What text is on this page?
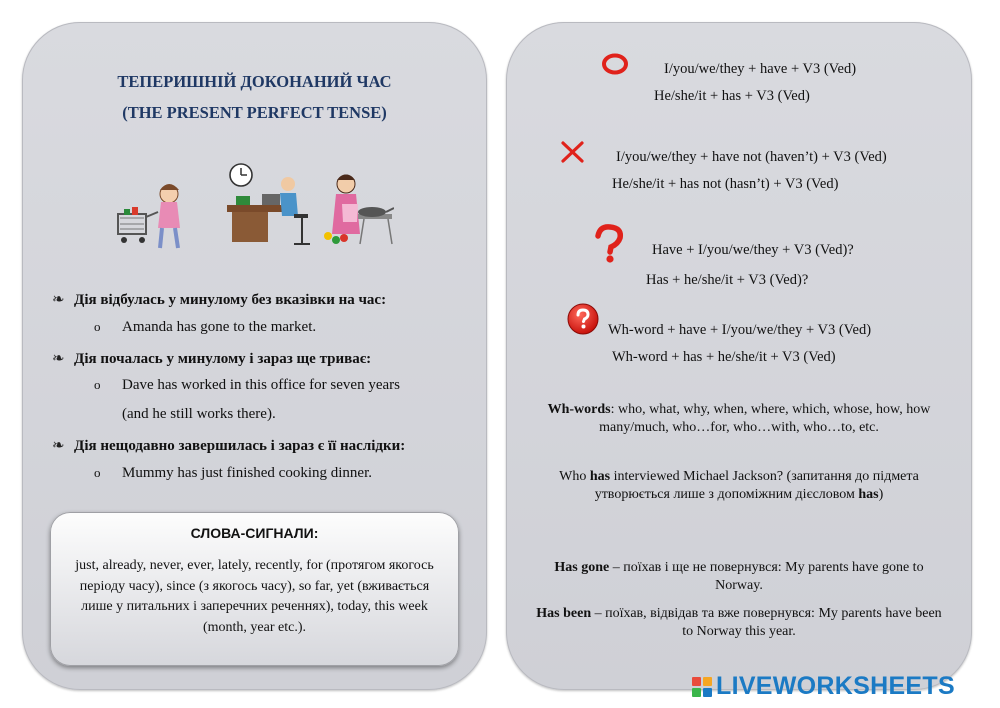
ТЕПЕРИШНІЙ ДОКОНАНИЙ ЧАС
(THE PRESENT PERFECT TENSE)
❧ Дія відбулась у минулому без вказівки на час:
o Amanda has gone to the market.
❧ Дія почалась у минулому і зараз ще триває:
o Dave has worked in this office for seven years
(and he still works there).
❧ Дія нещодавно завершилась і зараз є її наслідки:
o Mummy has just finished cooking dinner.
СЛОВА-СИГНАЛИ:
just, already, never, ever, lately, recently, for (протягом якогось періоду часу), since (з якогось часу), so far, yet (вживається лише у питальних і заперечних реченнях), today, this week (month, year etc.).
I/you/we/they + have + V3 (Ved)
He/she/it + has + V3 (Ved)
I/you/we/they + have not (haven’t) + V3 (Ved)
He/she/it + has not (hasn’t) + V3 (Ved)
Have + I/you/we/they + V3 (Ved)?
Has + he/she/it + V3 (Ved)?
Wh-word + have + I/you/we/they + V3 (Ved)
Wh-word + has + he/she/it + V3 (Ved)
Wh-words: who, what, why, when, where, which, whose, how, how many/much, who…for, who…with, who…to, etc.
Who has interviewed Michael Jackson? (запитання до підмета утворюється лише з допоміжним дієсловом has)
Has gone – поїхав і ще не повернувся: My parents have gone to Norway.
Has been – поїхав, відвідав та вже повернувся: My parents have been to Norway this year.
LIVEWORKSHEETS
